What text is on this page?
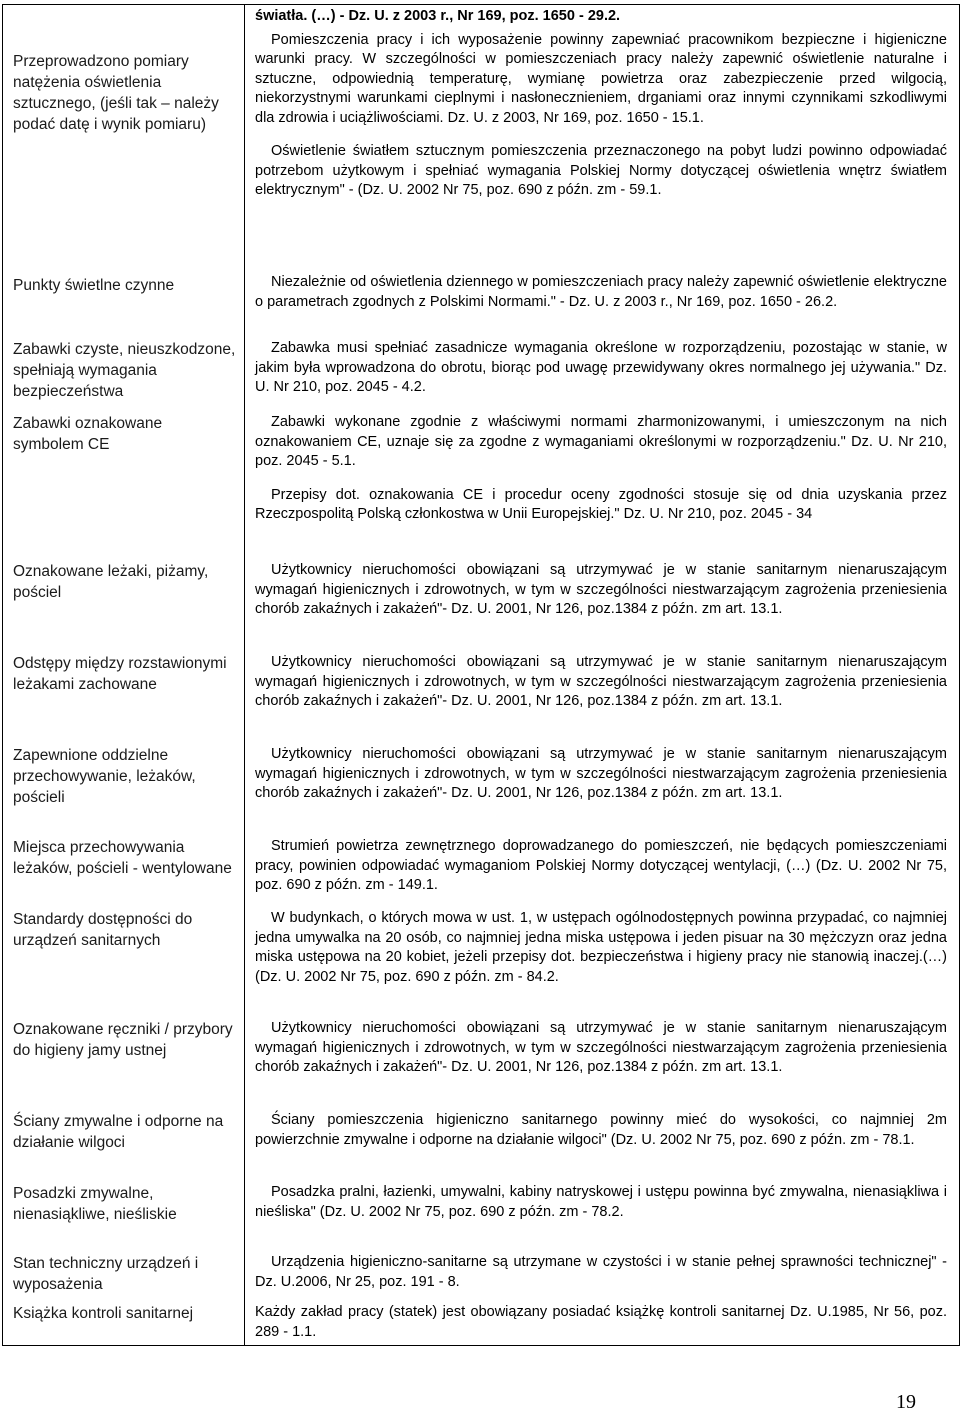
Przeprowadzono pomiary natężenia oświetlenia sztucznego, (jeśli tak – należy podać datę i wynik pomiaru)

światła. (…) - Dz. U. z 2003 r., Nr 169, poz. 1650 - 29.2.

Pomieszczenia pracy i ich wyposażenie powinny zapewniać pracownikom bezpieczne i higieniczne warunki pracy. W szczególności w pomieszczeniach pracy należy zapewnić oświetlenie naturalne i sztuczne, odpowiednią temperaturę, wymianę powietrza oraz zabezpieczenie przed wilgocią, niekorzystnymi warunkami cieplnymi i nasłonecznieniem, drganiami oraz innymi czynnikami szkodliwymi dla zdrowia i uciążliwościami. Dz. U. z 2003, Nr 169, poz. 1650 - 15.1.

Oświetlenie światłem sztucznym pomieszczenia przeznaczonego na pobyt ludzi powinno odpowiadać potrzebom użytkowym i spełniać wymagania Polskiej Normy dotyczącej oświetlenia wnętrz światłem elektrycznym" - (Dz. U. 2002 Nr 75, poz. 690 z późn. zm - 59.1.

Punkty świetlne czynne	Niezależnie od oświetlenia dziennego w pomieszczeniach pracy należy zapewnić oświetlenie elektryczne o parametrach zgodnych z Polskimi Normami." - Dz. U. z 2003 r., Nr 169, poz. 1650 - 26.2.

Zabawki czyste, nieuszkodzone, spełniają wymagania bezpieczeństwa

Zabawka musi spełniać zasadnicze wymagania określone w rozporządzeniu, pozostając w stanie, w jakim była wprowadzona do obrotu, biorąc pod uwagę przewidywany okres normalnego jej używania." Dz. U. Nr 210, poz. 2045 - 4.2.

Zabawki oznakowane symbolem CE

Zabawki wykonane zgodnie z właściwymi normami zharmonizowanymi, i umieszczonym na nich oznakowaniem CE, uznaje się za zgodne z wymaganiami określonymi w rozporządzeniu." Dz. U. Nr 210, poz. 2045 - 5.1.

Przepisy dot. oznakowania CE i procedur oceny zgodności stosuje się od dnia uzyskania przez Rzeczpospolitą Polską członkostwa w Unii Europejskiej." Dz. U. Nr 210, poz. 2045 - 34

Oznakowane leżaki, piżamy, pościel

Użytkownicy nieruchomości obowiązani są utrzymywać je w stanie sanitarnym nienaruszającym wymagań higienicznych i zdrowotnych, w tym w szczególności niestwarzającym zagrożenia przeniesienia chorób zakaźnych i zakażeń"- Dz. U. 2001, Nr 126, poz.1384 z późn. zm art. 13.1.

Odstępy między rozstawionymi leżakami zachowane

Użytkownicy nieruchomości obowiązani są utrzymywać je w stanie sanitarnym nienaruszającym wymagań higienicznych i zdrowotnych, w tym w szczególności niestwarzającym zagrożenia przeniesienia chorób zakaźnych i zakażeń"- Dz. U. 2001, Nr 126, poz.1384 z późn. zm art. 13.1.

Zapewnione oddzielne przechowywanie, leżaków, pościeli

Użytkownicy nieruchomości obowiązani są utrzymywać je w stanie sanitarnym nienaruszającym wymagań higienicznych i zdrowotnych, w tym w szczególności niestwarzającym zagrożenia przeniesienia chorób zakaźnych i zakażeń"- Dz. U. 2001, Nr 126, poz.1384 z późn. zm art. 13.1.

Miejsca przechowywania leżaków, pościeli - wentylowane

Strumień powietrza zewnętrznego doprowadzanego do pomieszczeń, nie będących pomieszczeniami pracy, powinien odpowiadać wymaganiom Polskiej Normy dotyczącej wentylacji, (…) (Dz. U. 2002 Nr 75, poz. 690 z późn. zm - 149.1.

Standardy dostępności do urządzeń sanitarnych

W budynkach, o których mowa w ust. 1, w ustępach ogólnodostępnych powinna przypadać, co najmniej jedna umywalka na 20 osób, co najmniej jedna miska ustępowa i jeden pisuar na 30 mężczyzn oraz jedna miska ustępowa na 20 kobiet, jeżeli przepisy dot. bezpieczeństwa i higieny pracy nie stanowią inaczej.(…) (Dz. U. 2002 Nr 75, poz. 690 z późn. zm - 84.2.

Oznakowane ręczniki / przybory do higieny jamy ustnej

Użytkownicy nieruchomości obowiązani są utrzymywać je w stanie sanitarnym nienaruszającym wymagań higienicznych i zdrowotnych, w tym w szczególności niestwarzającym zagrożenia przeniesienia chorób zakaźnych i zakażeń"- Dz. U. 2001, Nr 126, poz.1384 z późn. zm art. 13.1.

Ściany zmywalne i odporne na działanie wilgoci

Ściany pomieszczenia higieniczno sanitarnego powinny mieć do wysokości, co najmniej 2m powierzchnie zmywalne i odporne na działanie wilgoci" (Dz. U. 2002 Nr 75, poz. 690 z późn. zm - 78.1.

Posadzki zmywalne, nienasiąkliwe, nieśliskie

Posadzka pralni, łazienki, umywalni, kabiny natryskowej i ustępu powinna być zmywalna, nienasiąkliwa i nieśliska" (Dz. U. 2002 Nr 75, poz. 690 z późn. zm - 78.2.

Stan techniczny urządzeń i wyposażenia

Urządzenia higieniczno-sanitarne są utrzymane w czystości i w stanie pełnej sprawności technicznej" - Dz. U.2006, Nr 25, poz. 191 - 8.

Książka kontroli sanitarnej	Każdy zakład pracy (statek) jest obowiązany posiadać książkę kontroli sanitarnej Dz. U.1985, Nr 56, poz. 289 - 1.1.

19
